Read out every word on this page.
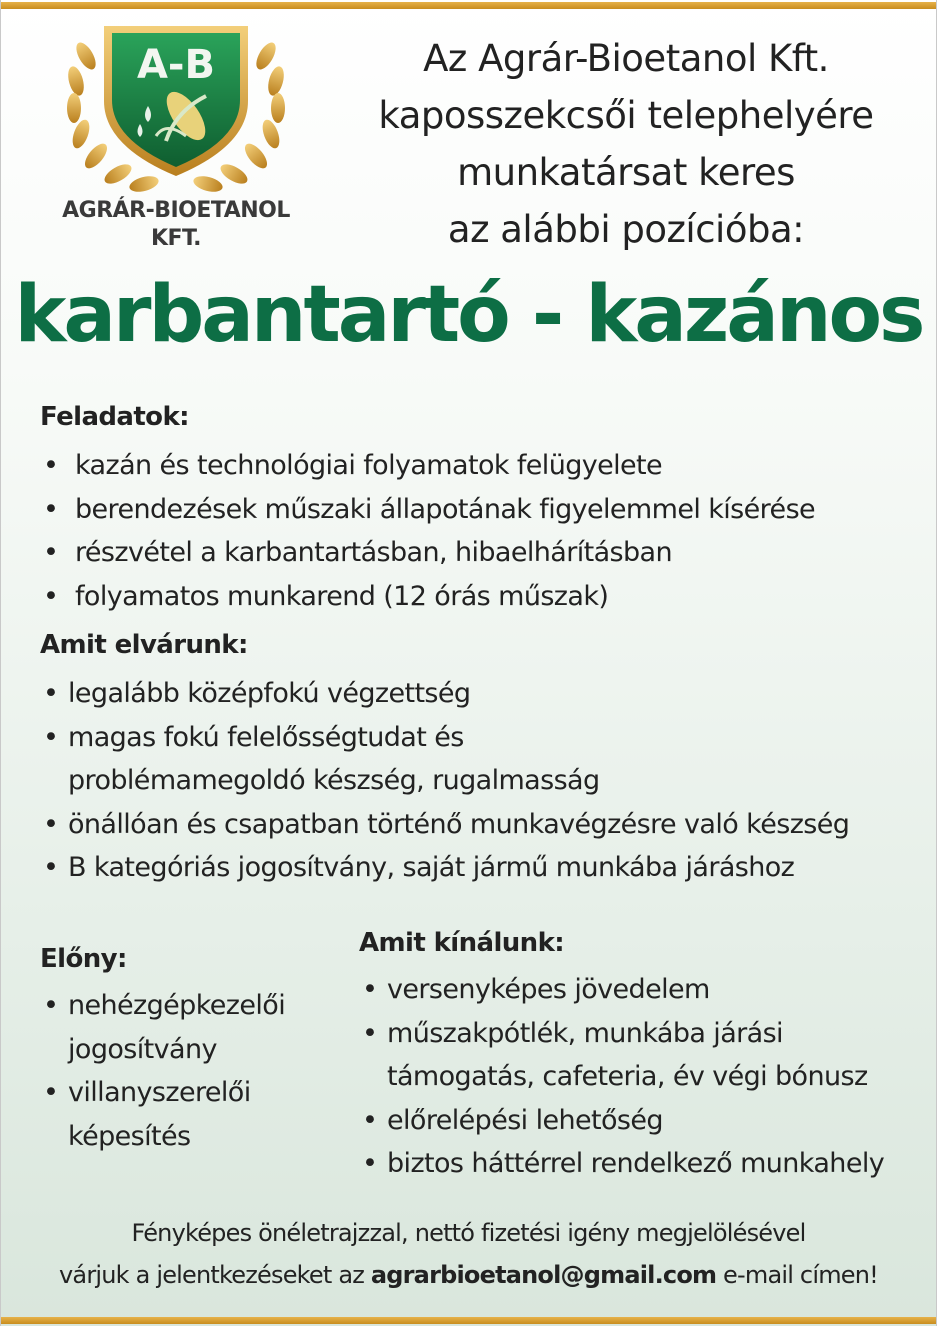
A-B
AGRÁR-BIOETANOL
KFT.
Az Agrár-Bioetanol Kft.
kaposszekcsői telephelyére
munkatársat keres
az alábbi pozícióba:
karbantartó - kazános
Feladatok:
• kazán és technológiai folyamatok felügyelete
• berendezések műszaki állapotának figyelemmel kísérése
• részvétel a karbantartásban, hibaelhárításban
• folyamatos munkarend (12 órás műszak)
Amit elvárunk:
• legalább középfokú végzettség
• magas fokú felelősségtudat és
problémamegoldó készség, rugalmasság
• önállóan és csapatban történő munkavégzésre való készség
• B kategóriás jogosítvány, saját jármű munkába járáshoz
Előny:
• nehézgépkezelői
jogosítvány
• villanyszerelői
képesítés
Amit kínálunk:
• versenyképes jövedelem
• műszakpótlék, munkába járási
támogatás, cafeteria, év végi bónusz
• előrelépési lehetőség
• biztos háttérrel rendelkező munkahely
Fényképes önéletrajzzal, nettó fizetési igény megjelölésével
várjuk a jelentkezéseket az agrarbioetanol@gmail.com e-mail címen!
